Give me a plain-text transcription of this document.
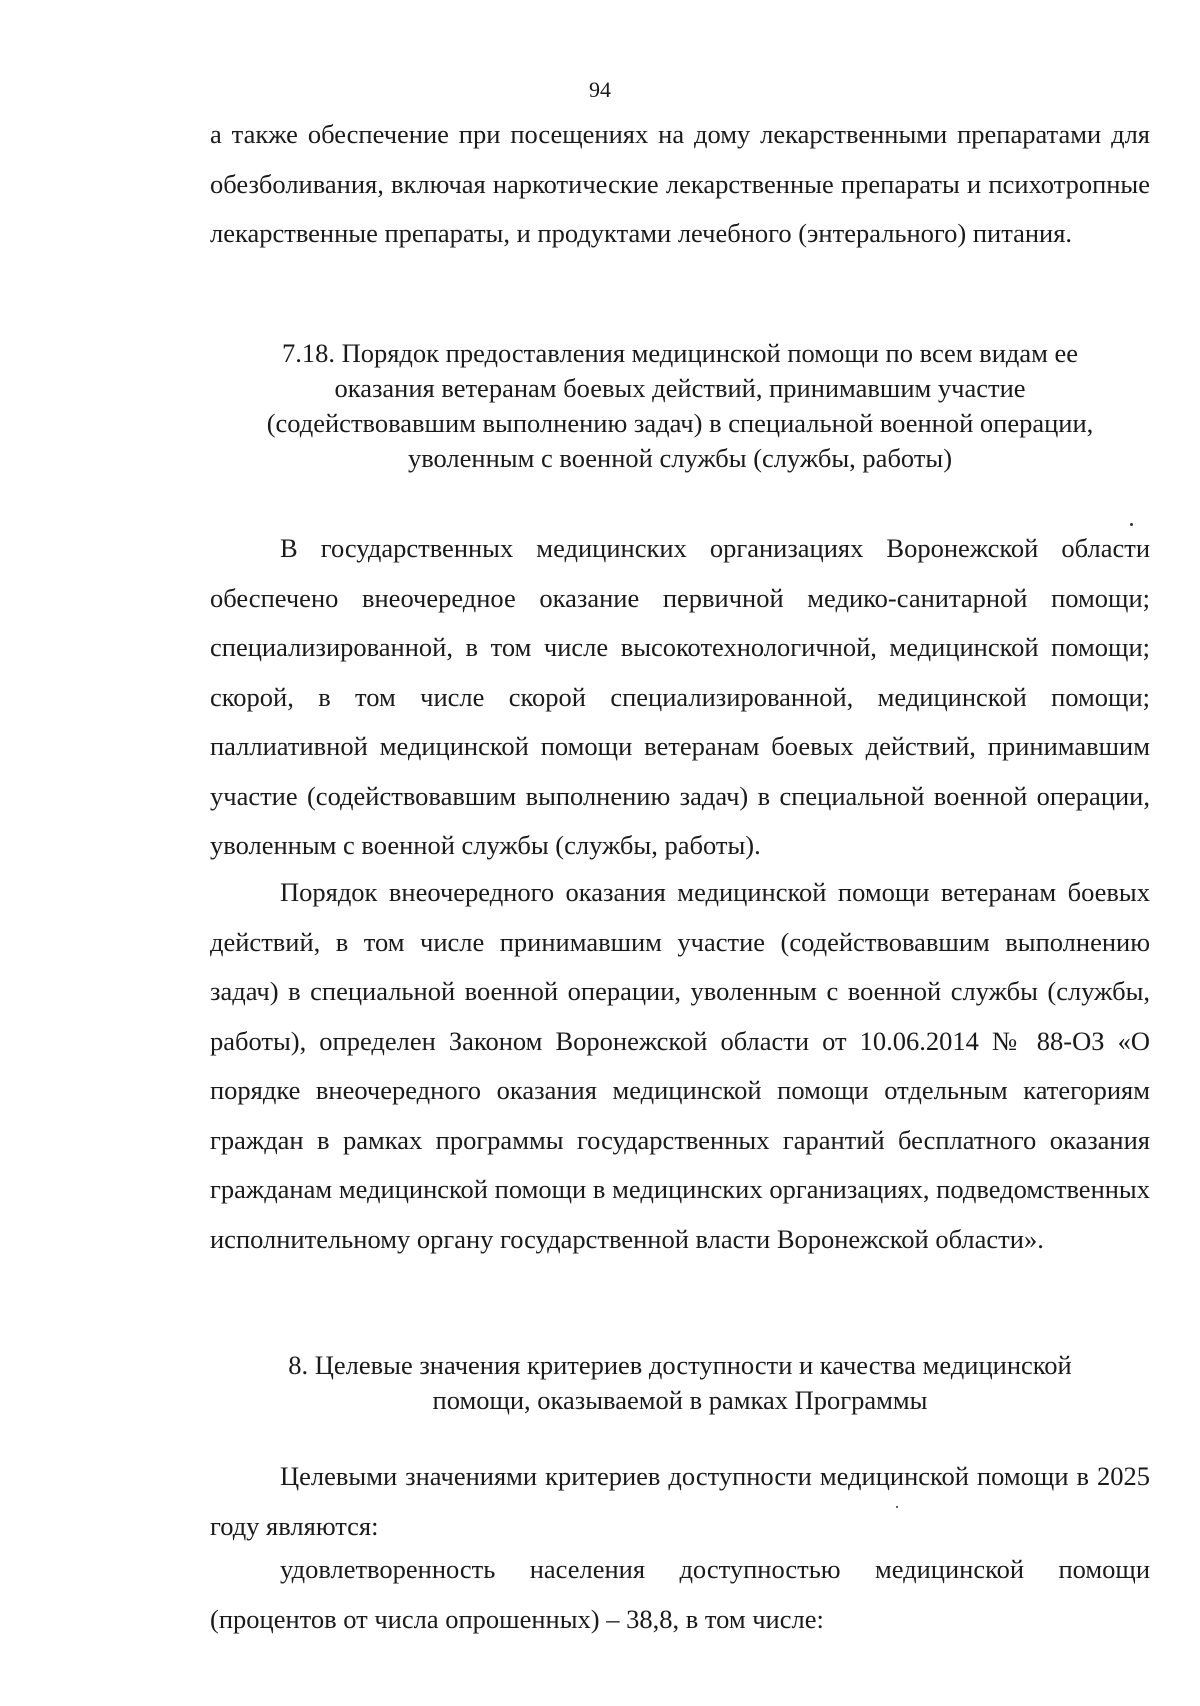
94

а также обеспечение при посещениях на дому лекарственными препаратами для обезболивания, включая наркотические лекарственные препараты и психотропные лекарственные препараты, и продуктами лечебного (энтерального) питания.

7.18. Порядок предоставления медицинской помощи по всем видам ее
оказания ветеранам боевых действий, принимавшим участие
(содействовавшим выполнению задач) в специальной военной операции,
уволенным с военной службы (службы, работы)

В государственных медицинских организациях Воронежской области обеспечено внеочередное оказание первичной медико-санитарной помощи; специализированной, в том числе высокотехнологичной, медицинской помощи; скорой, в том числе скорой специализированной, медицинской помощи; паллиативной медицинской помощи ветеранам боевых действий, принимавшим участие (содействовавшим выполнению задач) в специальной военной операции, уволенным с военной службы (службы, работы).

Порядок внеочередного оказания медицинской помощи ветеранам боевых действий, в том числе принимавшим участие (содействовавшим выполнению задач) в специальной военной операции, уволенным с военной службы (службы, работы), определен Законом Воронежской области от 10.06.2014 № 88-ОЗ «О порядке внеочередного оказания медицинской помощи отдельным категориям граждан в рамках программы государственных гарантий бесплатного оказания гражданам медицинской помощи в медицинских организациях, подведомственных исполнительному органу государственной власти Воронежской области».

8. Целевые значения критериев доступности и качества медицинской
помощи, оказываемой в рамках Программы

Целевыми значениями критериев доступности медицинской помощи в 2025 году являются:

удовлетворенность населения доступностью медицинской помощи (процентов от числа опрошенных) – 38,8, в том числе:
